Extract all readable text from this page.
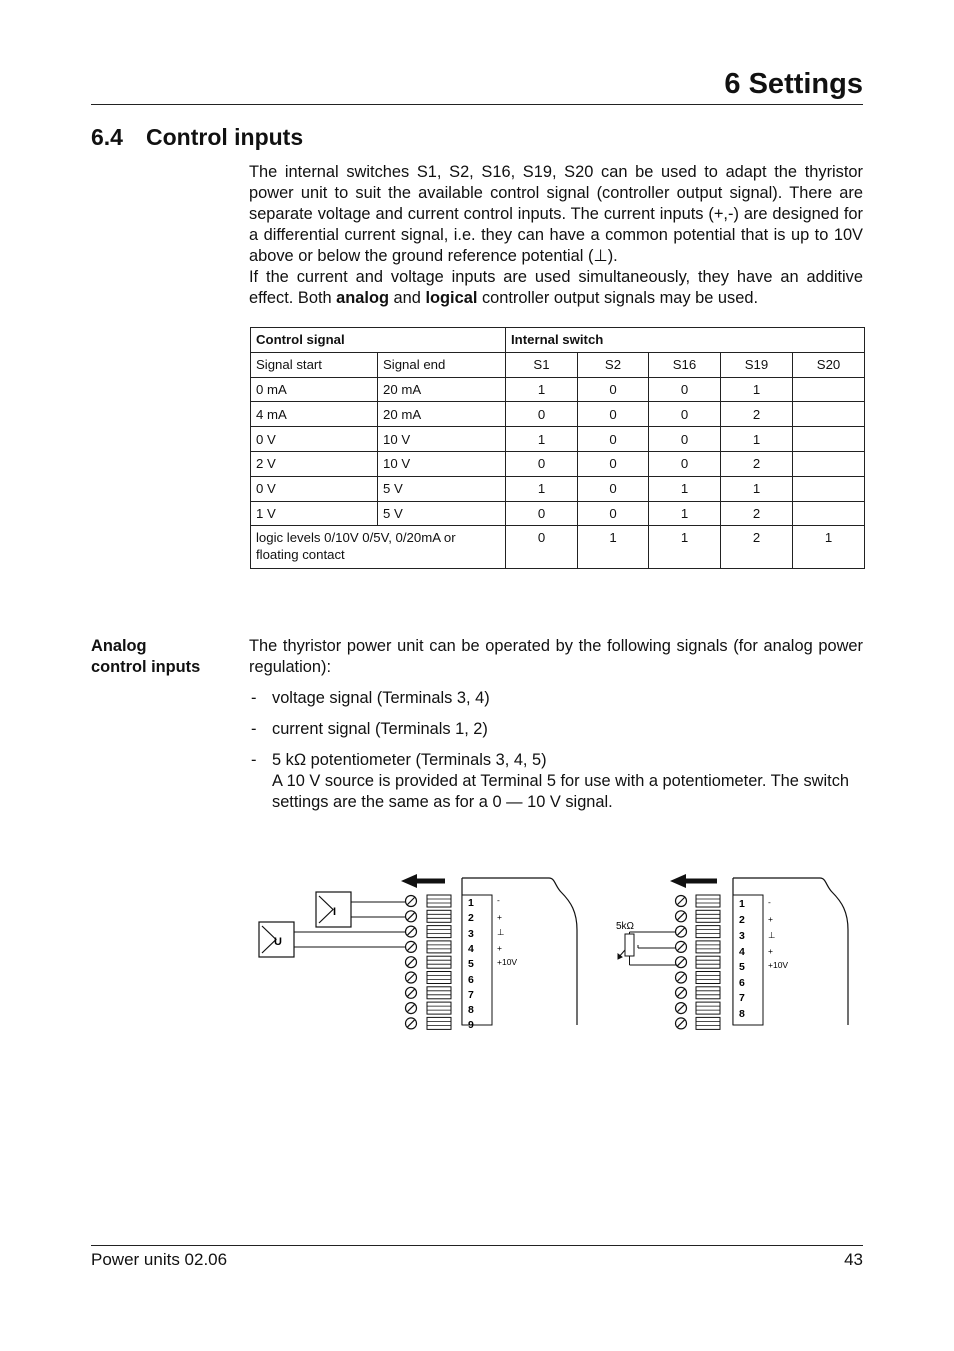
6 Settings
6.4 Control inputs

The internal switches S1, S2, S16, S19, S20 can be used to adapt the thyristor power unit to suit the available control signal (controller output signal). There are separate voltage and current control inputs. The current inputs (+,-) are designed for a differential current signal, i.e. they can have a common potential that is up to 10V above or below the ground reference potential (⊥).

If the current and voltage inputs are used simultaneously, they have an additive effect. Both analog and logical controller output signals may be used.

Control signal		Internal switch				
Signal start	Signal end	S1	S2	S16	S19	S20
0 mA	20 mA	1	0	0	1	
4 mA	20 mA	0	0	0	2	
0 V	10 V	1	0	0	1	
2 V	10 V	0	0	0	2	
0 V	5 V	1	0	1	1	
1 V	5 V	0	0	1	2	
logic levels 0/10V 0/5V, 0/20mA or floating contact		0	1	1	2	1
Analog
control inputs

The thyristor power unit can be operated by the following signals (for analog power regulation):

- voltage signal (Terminals 3, 4)
- current signal (Terminals 1, 2)
- 5 kΩ potentiometer (Terminals 3, 4, 5)
A 10 V source is provided at Terminal 5 for use with a potentiometer. The switch settings are the same as for a 0 — 10 V signal.
I
U
1
2
3
4
5
6
7
8
9
-
+
⊥
+
+10V
5kΩ
1
2
3
4
5
6
7
8
-
+
⊥
+
+10V

Power units 02.06	43
